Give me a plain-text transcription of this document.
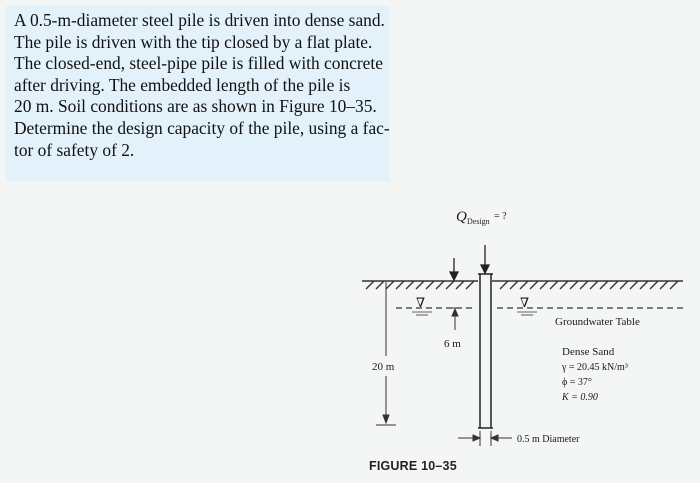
A 0.5-m-diameter steel pile is driven into dense sand.
The pile is driven with the tip closed by a flat plate.
The closed-end, steel-pipe pile is filled with concrete
after driving. The embedded length of the pile is
20 m. Soil conditions are as shown in Figure 10–35.
Determine the design capacity of the pile, using a fac-
tor of safety of 2.
Q Design = ?
∇	∇
Groundwater Table
6 m
20 m
Dense Sand
γ = 20.45 kN/m³
ϕ = 37°
K = 0.90
0.5 m Diameter
FIGURE 10–35
